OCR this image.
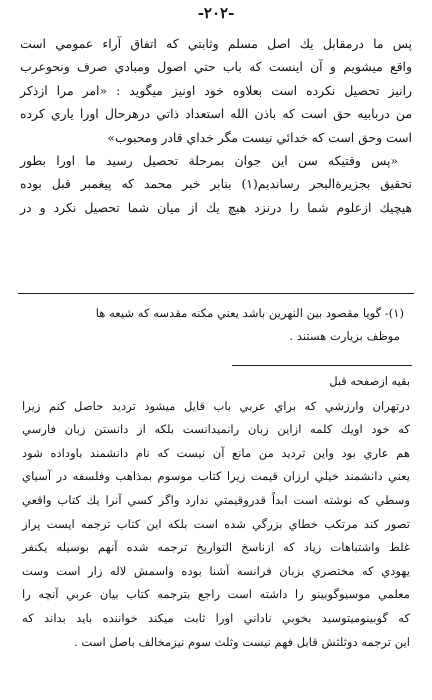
-۲۰۲-

پس ما درمقابل يك اصل مسلم وثابتي كه اتفاق آراء عمومي است

واقع ميشويم و آن اينست كه باب حتي اصول ومبادي صرف ونحوعرب

رانيز تحصيل نكرده است بعلاوه خود اونيز ميگويد : «امر مرا ازذكر

من دربابيه حق است كه باذن الله استعداد ذاتي درهرحال اورا ياري كرده

است وحق است كه خدائي نيست مگر خداي قادر ومحبوب»

«پس وقتيكه سن اين جوان بمرحلة تحصيل رسيد ما اورا بطور

تحقيق بجزيرةالبحر رسانديم(۱) بنابر خبر محمد كه پيغمبر قبل بوده

هيچيك ازعلوم شما را درنزد هيچ يك از ميان شما تحصيل نكرد و در

(۱)- گويا مقصود بين النهرين باشد يعني مكنه مقدسه كه شيعه ها

موظف بزيارت هستند .

بقيه ازصفحه قبل

درتهران وارزشي كه براي عربي باب قايل ميشود ترديد حاصل كنم زيرا

كه خود اويك كلمه ازاين زبان رانميدانست بلكه از دانستن زبان فارسي

هم عاري بود واين ترديد من مانع آن نيست كه نام دانشمند باوداده شود

يعني دانشمند خيلي ارزان قيمت زيرا كتاب موسوم بمذاهب وفلسفه در آسياي

وسطي كه نوشته است ابداً قدروقيمتي ندارد واگر كسي آنرا يك كتاب واقعي

تصور كند مرتكب خطاي بزرگي شده است بلكه اين كتاب ترجمه ايست پراز

غلط واشتباهات زياد كه ازناسخ التواريخ ترجمه شده آنهم بوسيله يكنفر

يهودي كه مختصري بزبان فرانسه آشنا بوده واسمش لاله زار است وست

معلمي موسيوگوبينو را داشته است راجع بترجمه كتاب بيان عربي آنچه را

كه گوبينوميتوسيد بخوبي ناداني اورا ثابت ميكند خواننده بايد بداند كه

اين ترجمه دوثلثش قابل فهم نيست وثلث سوم نيزمخالف باصل است .
